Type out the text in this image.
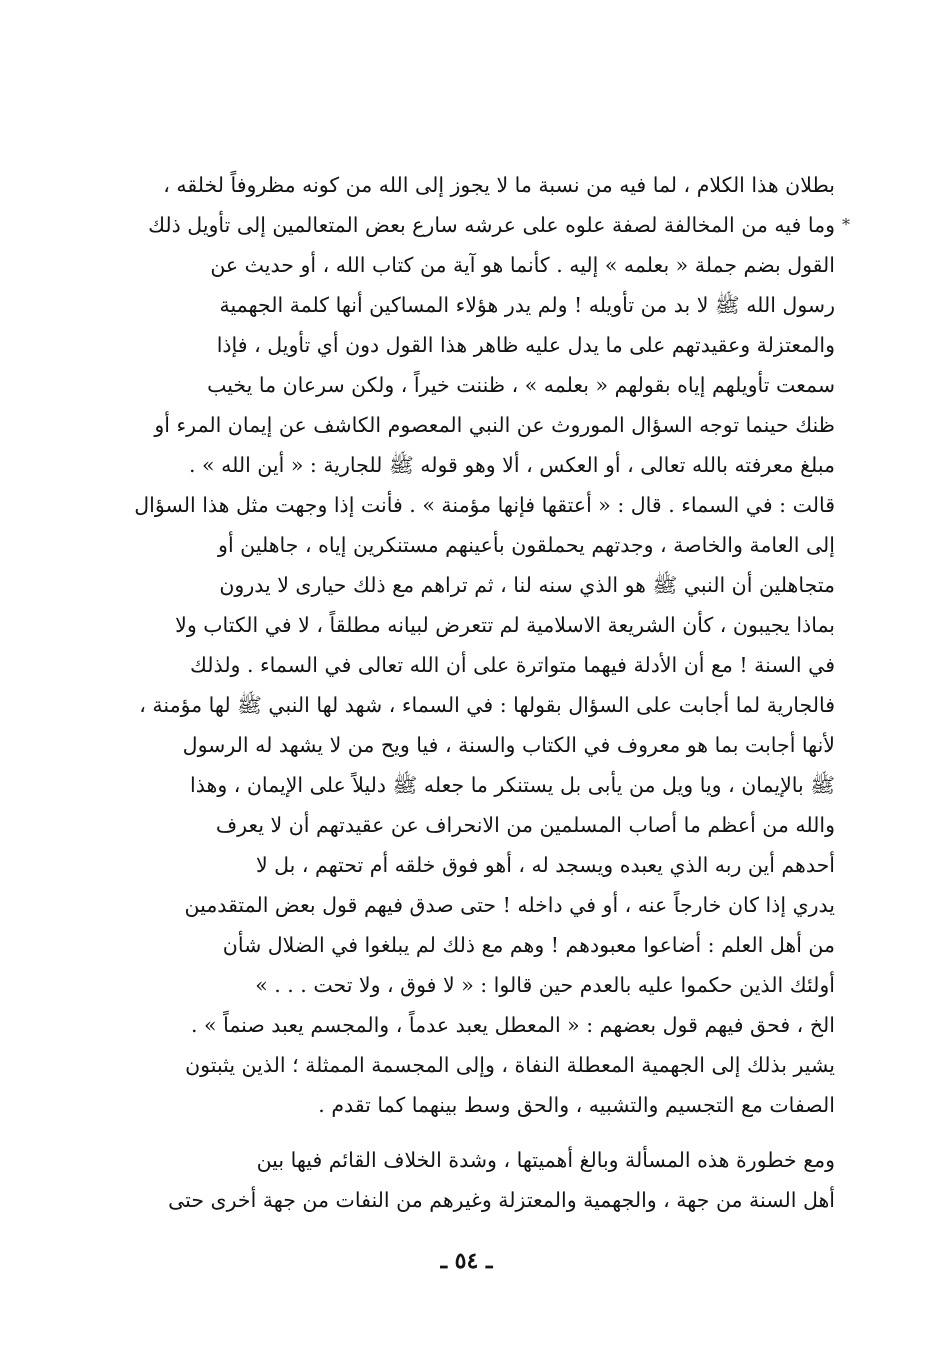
*
بطلان هذا الكلام ، لما فيه من نسبة ما لا يجوز إلى الله من كونه مظروفاً لخلقه ،
وما فيه من المخالفة لصفة علوه على عرشه سارع بعض المتعالمين إلى تأويل ذلك
القول بضم جملة « بعلمه » إليه . كأنما هو آية من كتاب الله ، أو حديث عن
رسول الله ﷺ لا بد من تأويله ! ولم يدر هؤلاء المساكين أنها كلمة الجهمية
والمعتزلة وعقيدتهم على ما يدل عليه ظاهر هذا القول دون أي تأويل ، فإذا
سمعت تأويلهم إياه بقولهم « بعلمه » ، ظننت خيراً ، ولكن سرعان ما يخيب
ظنك حينما توجه السؤال الموروث عن النبي المعصوم الكاشف عن إيمان المرء أو
مبلغ معرفته بالله تعالى ، أو العكس ، ألا وهو قوله ﷺ للجارية : « أين الله » .
قالت : في السماء . قال : « أعتقها فإنها مؤمنة » . فأنت إذا وجهت مثل هذا السؤال
إلى العامة والخاصة ، وجدتهم يحملقون بأعينهم مستنكرين إياه ، جاهلين أو
متجاهلين أن النبي ﷺ هو الذي سنه لنا ، ثم تراهم مع ذلك حيارى لا يدرون
بماذا يجيبون ، كأن الشريعة الاسلامية لم تتعرض لبيانه مطلقاً ، لا في الكتاب ولا
في السنة ! مع أن الأدلة فيهما متواترة على أن الله تعالى في السماء . ولذلك
فالجارية لما أجابت على السؤال بقولها : في السماء ، شهد لها النبي ﷺ لها مؤمنة ،
لأنها أجابت بما هو معروف في الكتاب والسنة ، فيا ويح من لا يشهد له الرسول
ﷺ بالإيمان ، ويا ويل من يأبى بل يستنكر ما جعله ﷺ دليلاً على الإيمان ، وهذا
والله من أعظم ما أصاب المسلمين من الانحراف عن عقيدتهم أن لا يعرف
أحدهم أين ربه الذي يعبده ويسجد له ، أهو فوق خلقه أم تحتهم ، بل لا
يدري إذا كان خارجاً عنه ، أو في داخله ! حتى صدق فيهم قول بعض المتقدمين
من أهل العلم : أضاعوا معبودهم ! وهم مع ذلك لم يبلغوا في الضلال شأن
أولئك الذين حكموا عليه بالعدم حين قالوا : « لا فوق ، ولا تحت . . . »
الخ ، فحق فيهم قول بعضهم : « المعطل يعبد عدماً ، والمجسم يعبد صنماً » .
يشير بذلك إلى الجهمية المعطلة النفاة ، وإلى المجسمة الممثلة ؛ الذين يثبتون
الصفات مع التجسيم والتشبيه ، والحق وسط بينهما كما تقدم .
ومع خطورة هذه المسألة وبالغ أهميتها ، وشدة الخلاف القائم فيها بين
أهل السنة من جهة ، والجهمية والمعتزلة وغيرهم من النفات من جهة أخرى حتى
ـ ٥٤ ـ
